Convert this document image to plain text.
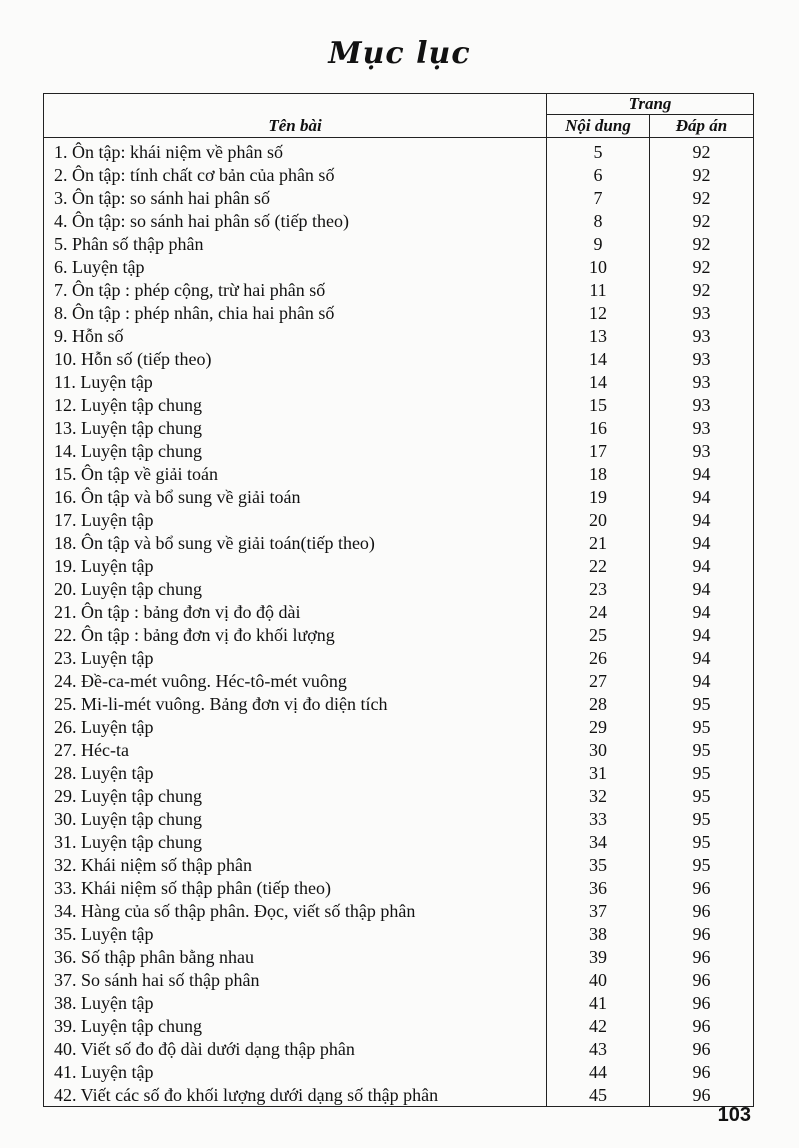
Mục lục
	Trang	
Tên bài	Nội dung	Đáp án
1. Ôn tập: khái niệm về phân số	5	92
2. Ôn tập: tính chất cơ bản của phân số	6	92
3. Ôn tập: so sánh hai phân số	7	92
4. Ôn tập: so sánh hai phân số (tiếp theo)	8	92
5. Phân số thập phân	9	92
6. Luyện tập	10	92
7. Ôn tập : phép cộng, trừ hai phân số	11	92
8. Ôn tập : phép nhân, chia hai phân số	12	93
9. Hỗn số	13	93
10. Hỗn số (tiếp theo)	14	93
11. Luyện tập	14	93
12. Luyện tập chung	15	93
13. Luyện tập chung	16	93
14. Luyện tập chung	17	93
15. Ôn tập về giải toán	18	94
16. Ôn tập và bổ sung về giải toán	19	94
17. Luyện tập	20	94
18. Ôn tập và bổ sung về giải toán(tiếp theo)	21	94
19. Luyện tập	22	94
20. Luyện tập chung	23	94
21. Ôn tập : bảng đơn vị đo độ dài	24	94
22. Ôn tập : bảng đơn vị đo khối lượng	25	94
23. Luyện tập	26	94
24. Đề-ca-mét vuông. Héc-tô-mét vuông	27	94
25. Mi-li-mét vuông. Bảng đơn vị đo diện tích	28	95
26. Luyện tập	29	95
27. Héc-ta	30	95
28. Luyện tập	31	95
29. Luyện tập chung	32	95
30. Luyện tập chung	33	95
31. Luyện tập chung	34	95
32. Khái niệm số thập phân	35	95
33. Khái niệm số thập phân (tiếp theo)	36	96
34. Hàng của số thập phân. Đọc, viết số thập phân	37	96
35. Luyện tập	38	96
36. Số thập phân bằng nhau	39	96
37. So sánh hai số thập phân	40	96
38. Luyện tập	41	96
39. Luyện tập chung	42	96
40. Viết số đo độ dài dưới dạng thập phân	43	96
41. Luyện tập	44	96
42. Viết các số đo khối lượng dưới dạng số thập phân	45	96
103
